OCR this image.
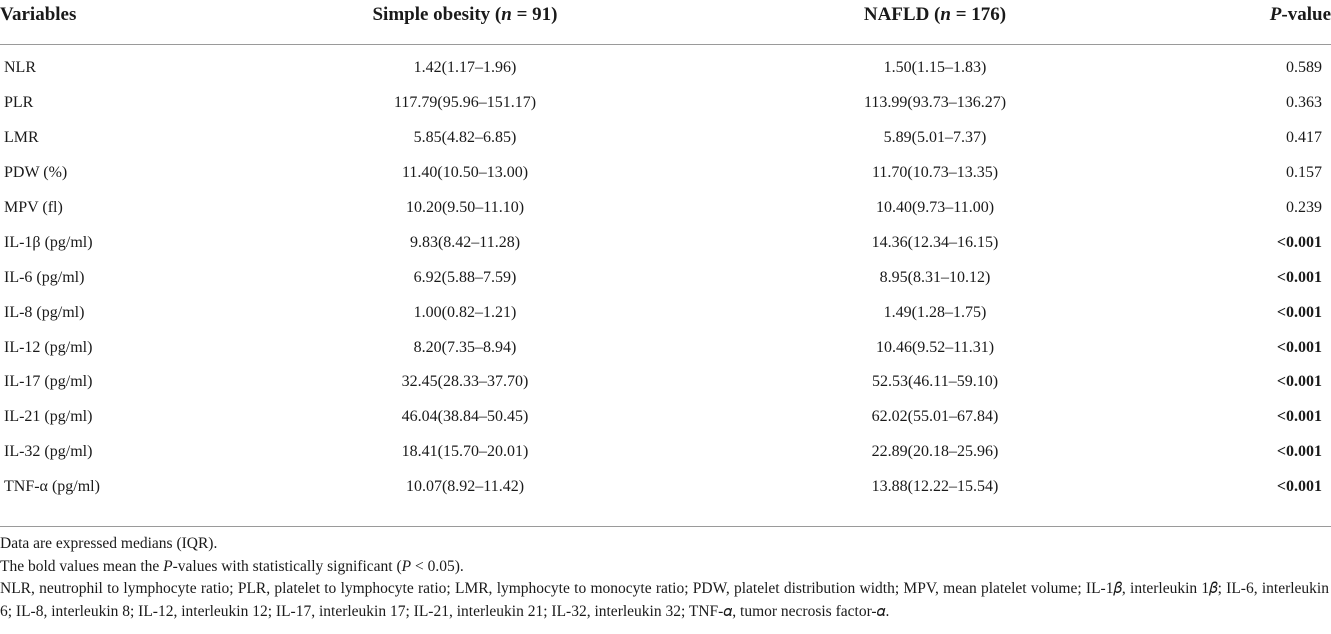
Variables	Simple obesity (n = 91)	NAFLD (n = 176)	P-value

NLR	1.42(1.17–1.96)	1.50(1.15–1.83)	0.589
PLR	117.79(95.96–151.17)	113.99(93.73–136.27)	0.363
LMR	5.85(4.82–6.85)	5.89(5.01–7.37)	0.417
PDW (%)	11.40(10.50–13.00)	11.70(10.73–13.35)	0.157
MPV (fl)	10.20(9.50–11.10)	10.40(9.73–11.00)	0.239
IL-1β (pg/ml)	9.83(8.42–11.28)	14.36(12.34–16.15)	<0.001
IL-6 (pg/ml)	6.92(5.88–7.59)	8.95(8.31–10.12)	<0.001
IL-8 (pg/ml)	1.00(0.82–1.21)	1.49(1.28–1.75)	<0.001
IL-12 (pg/ml)	8.20(7.35–8.94)	10.46(9.52–11.31)	<0.001
IL-17 (pg/ml)	32.45(28.33–37.70)	52.53(46.11–59.10)	<0.001
IL-21 (pg/ml)	46.04(38.84–50.45)	62.02(55.01–67.84)	<0.001
IL-32 (pg/ml)	18.41(15.70–20.01)	22.89(20.18–25.96)	<0.001
TNF-α (pg/ml)	10.07(8.92–11.42)	13.88(12.22–15.54)	<0.001

Data are expressed medians (IQR).

The bold values mean the P-values with statistically significant (P < 0.05).

NLR, neutrophil to lymphocyte ratio; PLR, platelet to lymphocyte ratio; LMR, lymphocyte to monocyte ratio; PDW, platelet distribution width; MPV, mean platelet volume; IL-1𝛽, interleukin 1𝛽; IL-6, interleukin 6; IL-8, interleukin 8; IL-12, interleukin 12; IL-17, interleukin 17; IL-21, interleukin 21; IL-32, interleukin 32; TNF-𝛼, tumor necrosis factor-𝛼.
